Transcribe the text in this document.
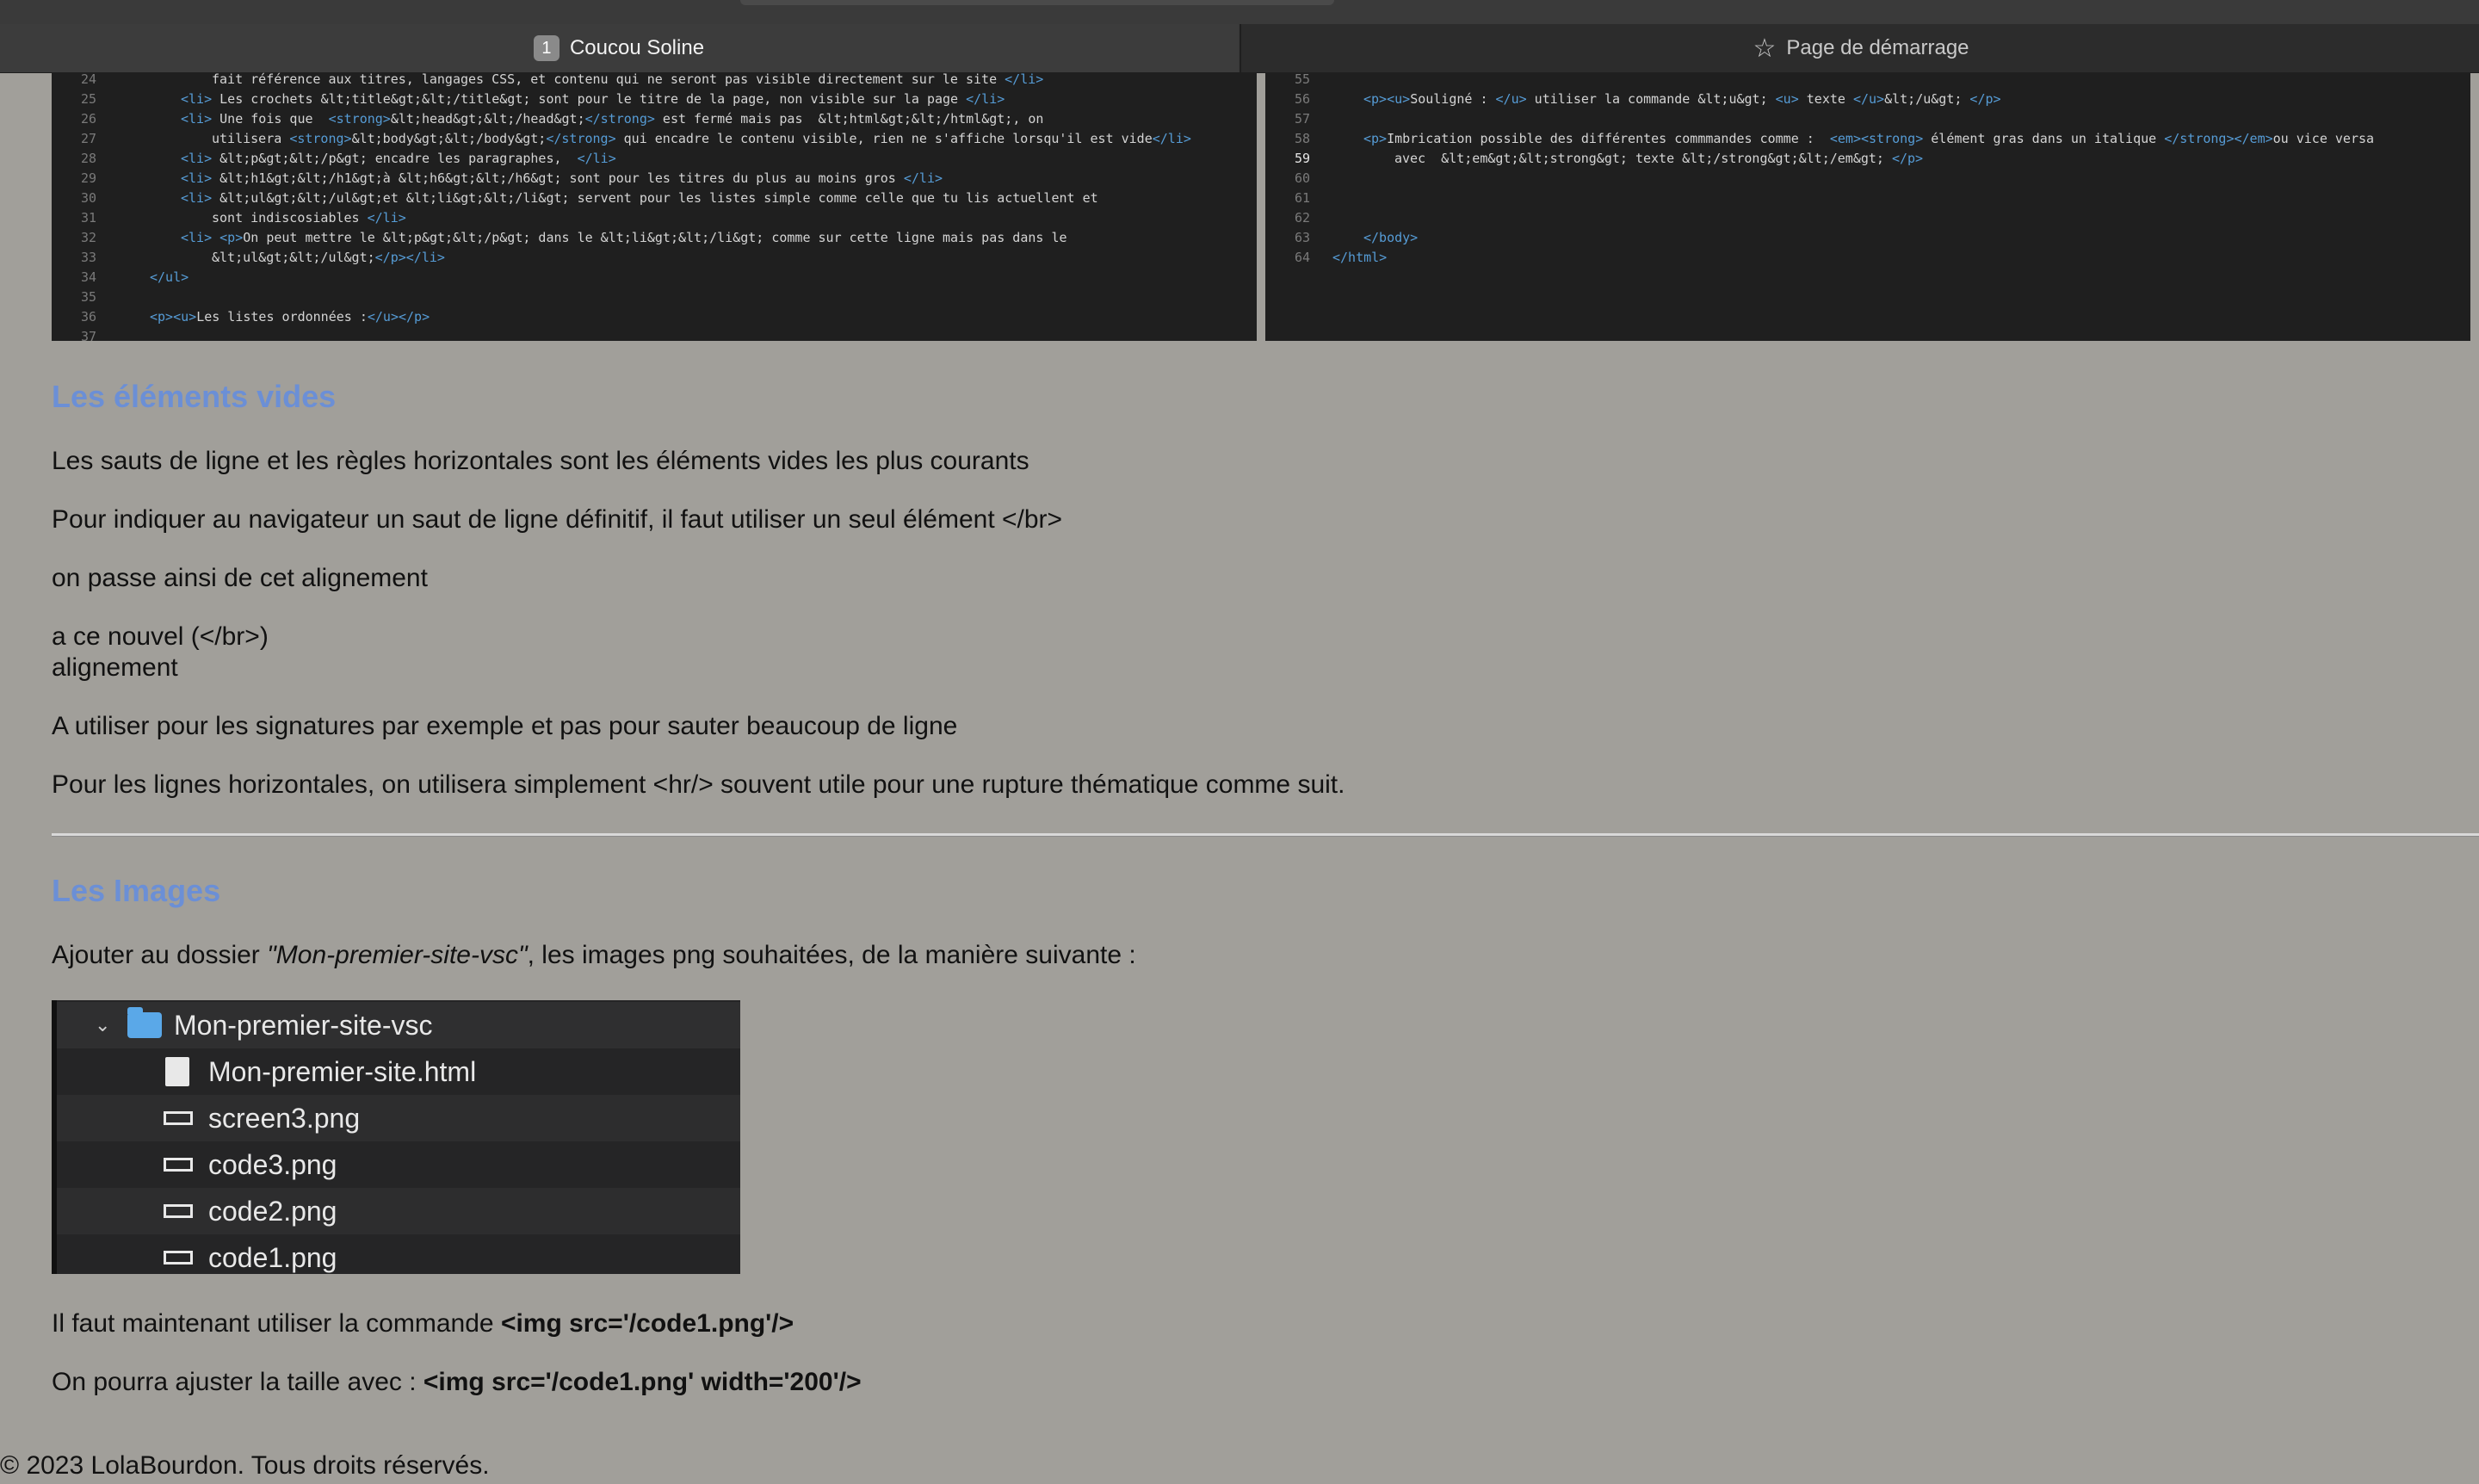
1 Coucou Soline	☆ Page de démarrage
24	fait référence aux titres, langages CSS, et contenu qui ne seront pas visible directement sur le site </li>
25	<li> Les crochets &lt;title&gt;&lt;/title&gt; sont pour le titre de la page, non visible sur la page </li>
26	<li> Une fois que  <strong>&lt;head&gt;&lt;/head&gt;</strong> est fermé mais pas  &lt;html&gt;&lt;/html&gt;, on
27	utilisera <strong>&lt;body&gt;&lt;/body&gt;</strong> qui encadre le contenu visible, rien ne s'affiche lorsqu'il est vide</li>
28	<li> &lt;p&gt;&lt;/p&gt; encadre les paragraphes,  </li>
29	<li> &lt;h1&gt;&lt;/h1&gt;à &lt;h6&gt;&lt;/h6&gt; sont pour les titres du plus au moins gros </li>
30	<li> &lt;ul&gt;&lt;/ul&gt;et &lt;li&gt;&lt;/li&gt; servent pour les listes simple comme celle que tu lis actuellent et
31	sont indiscosiables </li>
32	<li> <p>On peut mettre le &lt;p&gt;&lt;/p&gt; dans le &lt;li&gt;&lt;/li&gt; comme sur cette ligne mais pas dans le
33	&lt;ul&gt;&lt;/ul&gt;</p></li>
34	</ul>
35
36	<p><u>Les listes ordonnées :</u></p>
37
55
56	<p><u>Souligné : </u> utiliser la commande &lt;u&gt; <u> texte </u>&lt;/u&gt; </p>
57
58	<p>Imbrication possible des différentes commmandes comme :  <em><strong> élément gras dans un italique </strong></em>ou vice versa
59	avec  &lt;em&gt;&lt;strong&gt; texte &lt;/strong&gt;&lt;/em&gt; </p>
60
61
62
63	</body>
64 </html>
Les éléments vides

Les sauts de ligne et les règles horizontales sont les éléments vides les plus courants

Pour indiquer au navigateur un saut de ligne définitif, il faut utiliser un seul élément </br>

on passe ainsi de cet alignement

a ce nouvel (</br>)

alignement

A utiliser pour les signatures par exemple et pas pour sauter beaucoup de ligne

Pour les lignes horizontales, on utilisera simplement <hr/> souvent utile pour une rupture thématique comme suit.

Les Images

Ajouter au dossier "Mon-premier-site-vsc", les images png souhaitées, de la manière suivante :

⌄ Mon-premier-site-vsc
Mon-premier-site.html
screen3.png
code3.png
code2.png
code1.png

Il faut maintenant utiliser la commande <img src='/code1.png'/>

On pourra ajuster la taille avec : <img src='/code1.png' width='200'/>

© 2023 LolaBourdon. Tous droits réservés.
